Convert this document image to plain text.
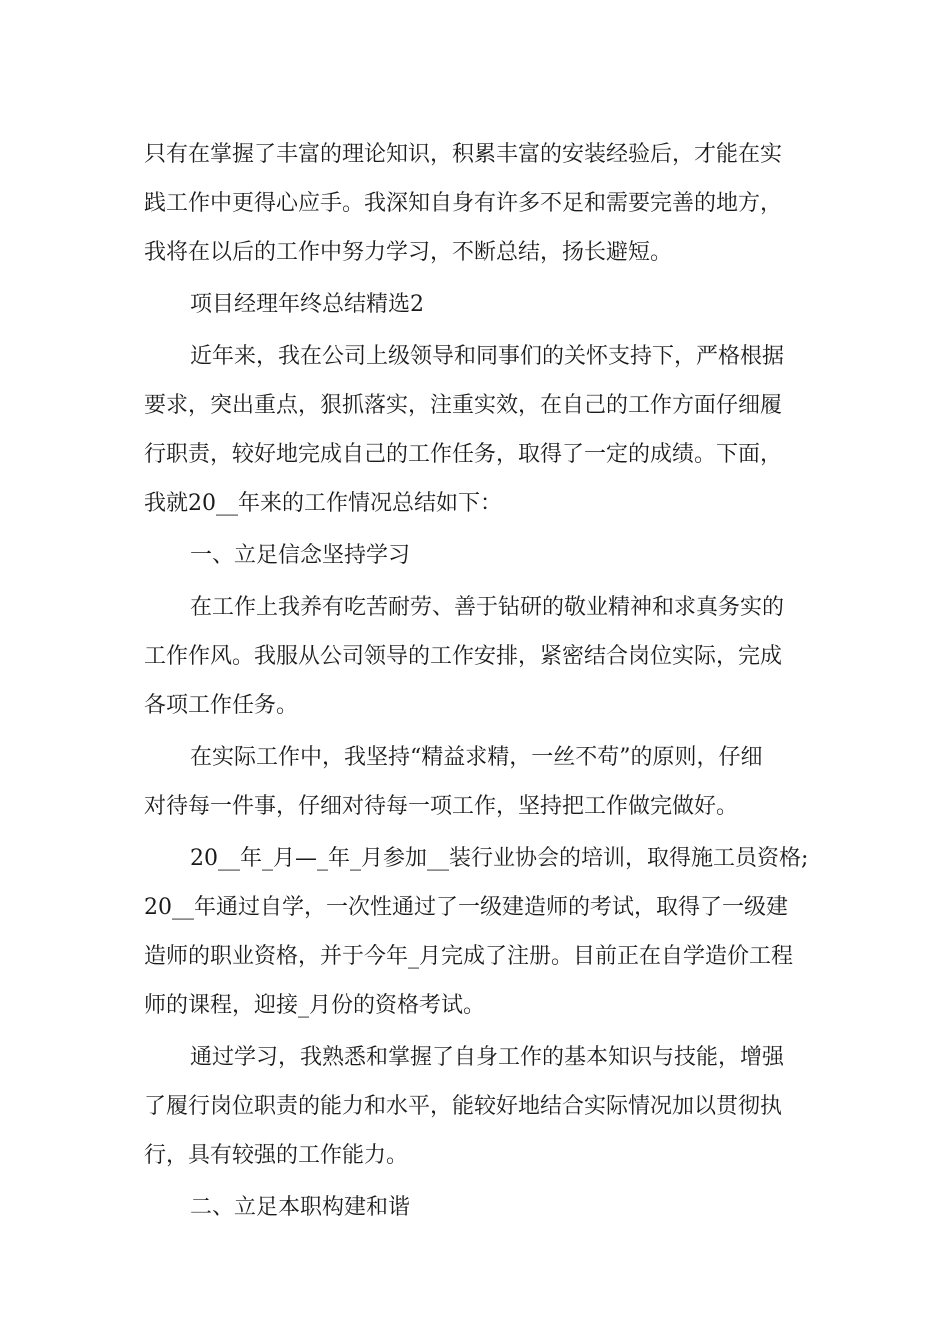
只有在掌握了丰富的理论知识，积累丰富的安装经验后，才能在实
践工作中更得心应手。我深知自身有许多不足和需要完善的地方，
我将在以后的工作中努力学习，不断总结，扬长避短。
项目经理年终总结精选2
近年来，我在公司上级领导和同事们的关怀支持下，严格根据
要求，突出重点，狠抓落实，注重实效，在自己的工作方面仔细履
行职责，较好地完成自己的工作任务，取得了一定的成绩。下面，
我就20__年来的工作情况总结如下：
一、立足信念坚持学习
在工作上我养有吃苦耐劳、善于钻研的敬业精神和求真务实的
工作作风。我服从公司领导的工作安排，紧密结合岗位实际，完成
各项工作任务。
在实际工作中，我坚持“精益求精，一丝不苟”的原则，仔细
对待每一件事，仔细对待每一项工作，坚持把工作做完做好。
20__年_月—_年_月参加__装行业协会的培训，取得施工员资格;
20__年通过自学，一次性通过了一级建造师的考试，取得了一级建
造师的职业资格，并于今年_月完成了注册。目前正在自学造价工程
师的课程，迎接_月份的资格考试。
通过学习，我熟悉和掌握了自身工作的基本知识与技能，增强
了履行岗位职责的能力和水平，能较好地结合实际情况加以贯彻执
行，具有较强的工作能力。
二、立足本职构建和谐
